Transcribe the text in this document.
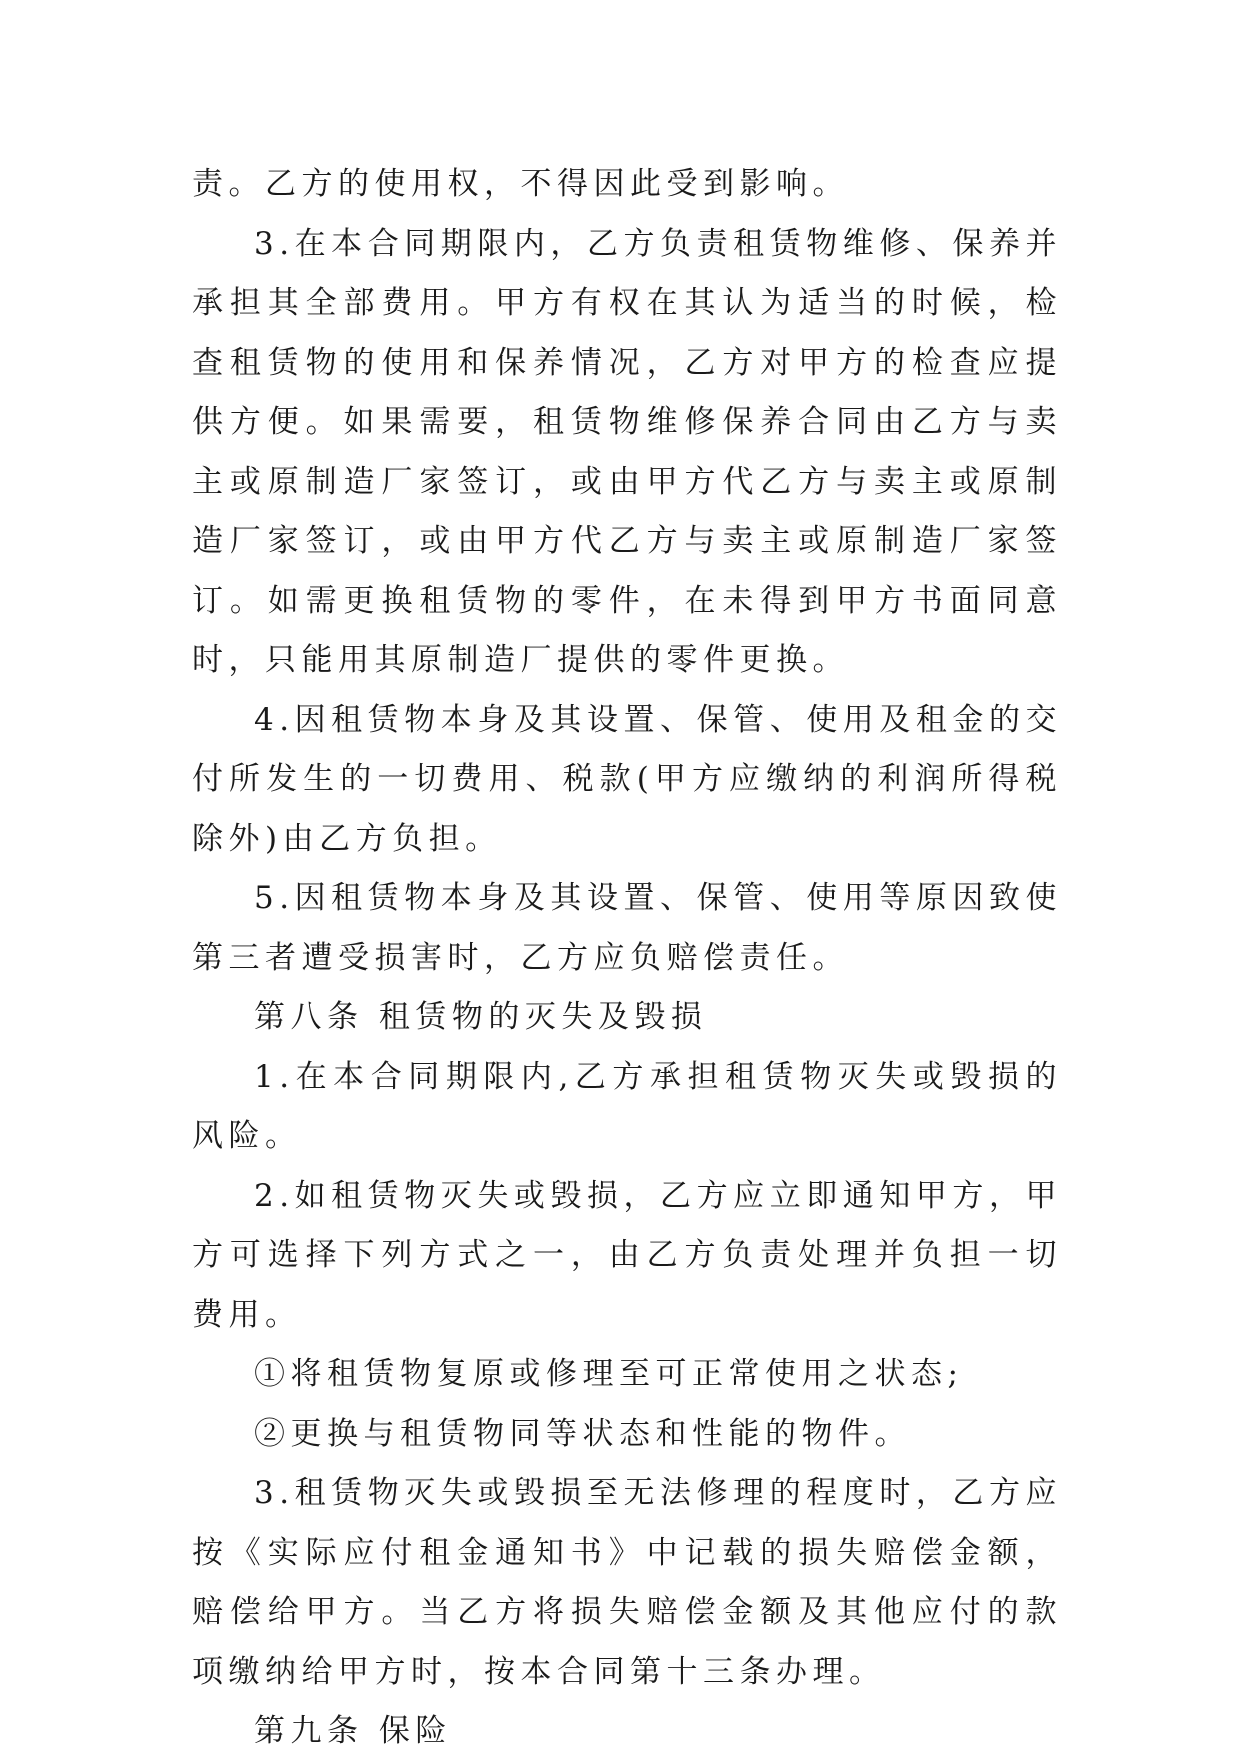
责。乙方的使用权，不得因此受到影响。

3.在本合同期限内，乙方负责租赁物维修、保养并承担其全部费用。甲方有权在其认为适当的时候，检查租赁物的使用和保养情况，乙方对甲方的检查应提供方便。如果需要，租赁物维修保养合同由乙方与卖主或原制造厂家签订，或由甲方代乙方与卖主或原制造厂家签订，或由甲方代乙方与卖主或原制造厂家签订。如需更换租赁物的零件，在未得到甲方书面同意时，只能用其原制造厂提供的零件更换。

4.因租赁物本身及其设置、保管、使用及租金的交付所发生的一切费用、税款(甲方应缴纳的利润所得税除外)由乙方负担。

5.因租赁物本身及其设置、保管、使用等原因致使第三者遭受损害时，乙方应负赔偿责任。

第八条 租赁物的灭失及毁损

1.在本合同期限内,乙方承担租赁物灭失或毁损的风险。

2.如租赁物灭失或毁损，乙方应立即通知甲方，甲方可选择下列方式之一，由乙方负责处理并负担一切费用。

①将租赁物复原或修理至可正常使用之状态;

②更换与租赁物同等状态和性能的物件。

3.租赁物灭失或毁损至无法修理的程度时，乙方应按《实际应付租金通知书》中记载的损失赔偿金额，赔偿给甲方。当乙方将损失赔偿金额及其他应付的款项缴纳给甲方时，按本合同第十三条办理。

第九条 保险
